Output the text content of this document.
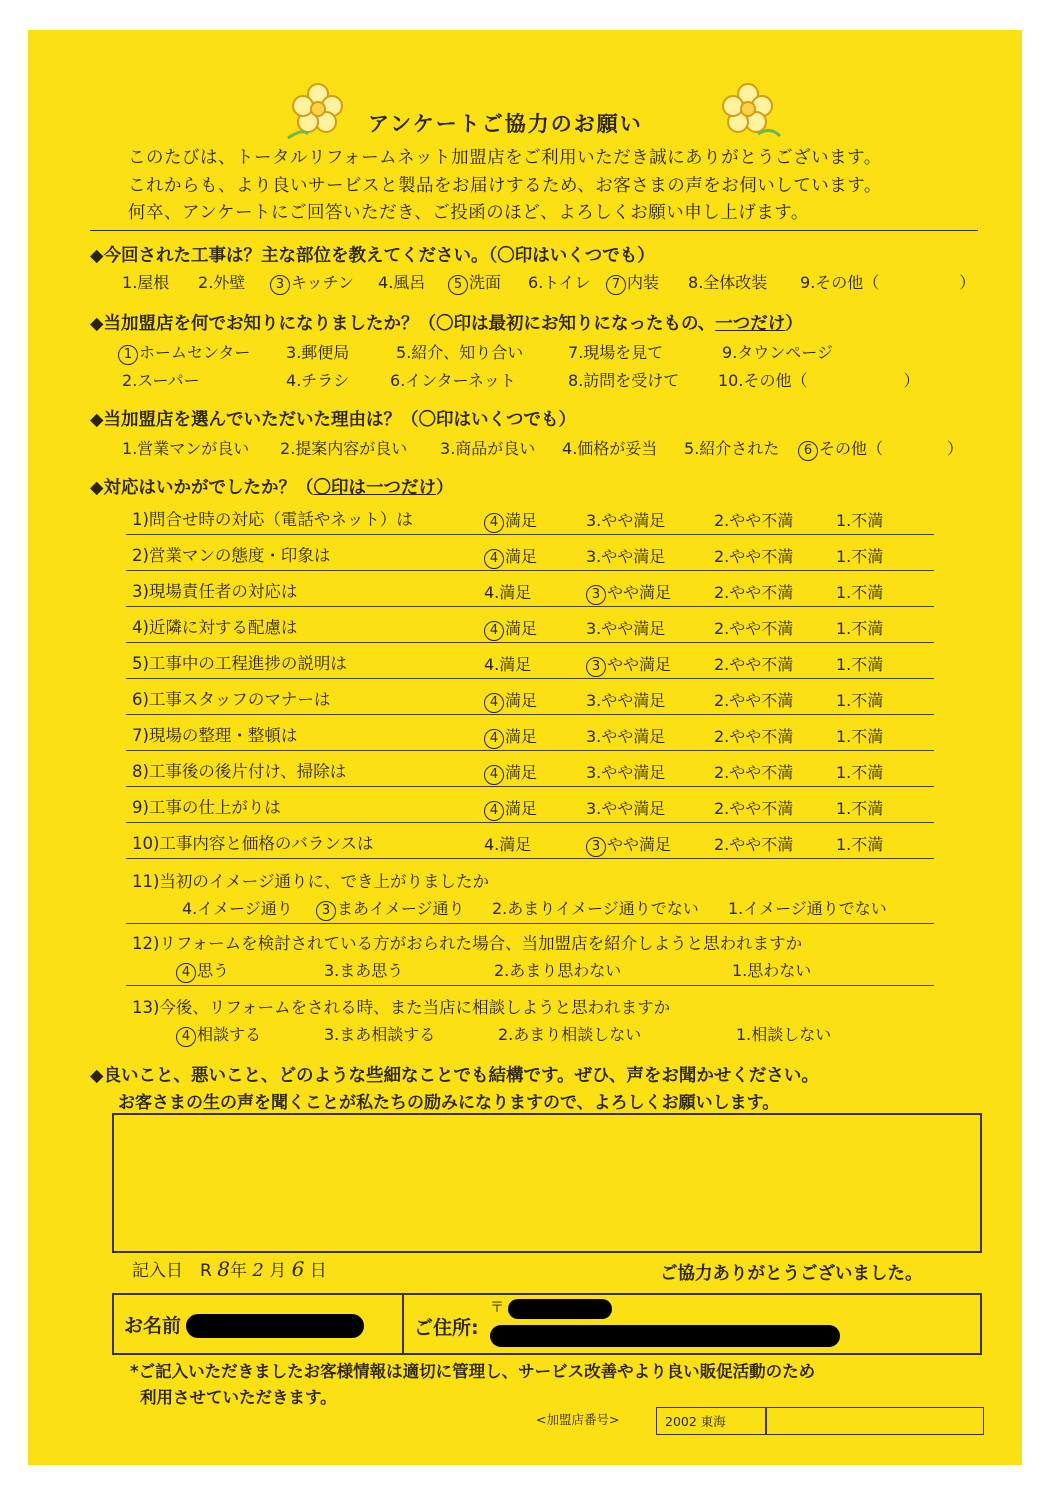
アンケートご協力のお願い
このたびは、トータルリフォームネット加盟店をご利用いただき誠にありがとうございます。
これからも、より良いサービスと製品をお届けするため、お客さまの声をお伺いしています。
何卒、アンケートにご回答いただき、ご投函のほど、よろしくお願い申し上げます。
◆今回された工事は？主な部位を教えてください。（〇印はいくつでも）
1.屋根 2.外壁	3 キッチン 4.風呂	5 洗面 6.トイレ	7 内装 8.全体改装 9.その他（　　　　　）
◆当加盟店を何でお知りになりましたか？（〇印は最初にお知りになったもの、一つだけ）
1 ホームセンター 3.郵便局	5.紹介、知り合い	7.現場を見て	9.タウンページ
2.スーパー	4.チラシ	6.インターネット	8.訪問を受けて 10.その他（　　　　　　）
◆当加盟店を選んでいただいた理由は？（〇印はいくつでも）
1.営業マンが良い 2.提案内容が良い 3.商品が良い 4.価格が妥当 5.紹介された	6 その他（　　　　）
◆対応はいかがでしたか？（〇印は一つだけ）
1)問合せ時の対応（電話やネット）は	4 満足	3.やや満足	2.やや不満	1.不満
2)営業マンの態度・印象は	4 満足	3.やや満足	2.やや不満	1.不満
3)現場責任者の対応は	4.満足	3 やや満足	2.やや不満	1.不満
4)近隣に対する配慮は	4 満足	3.やや満足	2.やや不満	1.不満
5)工事中の工程進捗の説明は	4.満足	3 やや満足	2.やや不満	1.不満
6)工事スタッフのマナーは	4 満足	3.やや満足	2.やや不満	1.不満
7)現場の整理・整頓は	4 満足	3.やや満足	2.やや不満	1.不満
8)工事後の後片付け、掃除は	4 満足	3.やや満足	2.やや不満	1.不満
9)工事の仕上がりは	4 満足	3.やや満足	2.やや不満	1.不満
10)工事内容と価格のバランスは	4.満足	3 やや満足	2.やや不満	1.不満
11)当初のイメージ通りに、でき上がりましたか
4.イメージ通り	3 まあイメージ通り 2.あまりイメージ通りでない 1.イメージ通りでない
12)リフォームを検討されている方がおられた場合、当加盟店を紹介しようと思われますか
4 思う	3.まあ思う	2.あまり思わない	1.思わない
13)今後、リフォームをされる時、また当店に相談しようと思われますか
4 相談する	3.まあ相談する	2.あまり相談しない	1.相談しない
◆良いこと、悪いこと、どのような些細なことでも結構です。ぜひ、声をお聞かせください。
お客さまの生の声を聞くことが私たちの励みになりますので、よろしくお願いします。
記入日　 R 8年 2 月 6 日	ご協力ありがとうございました。
お名前	ご住所:
〒
*ご記入いただきましたお客様情報は適切に管理し、サービス改善やより良い販促活動のため
利用させていただきます。
<加盟店番号>	2002 東海
